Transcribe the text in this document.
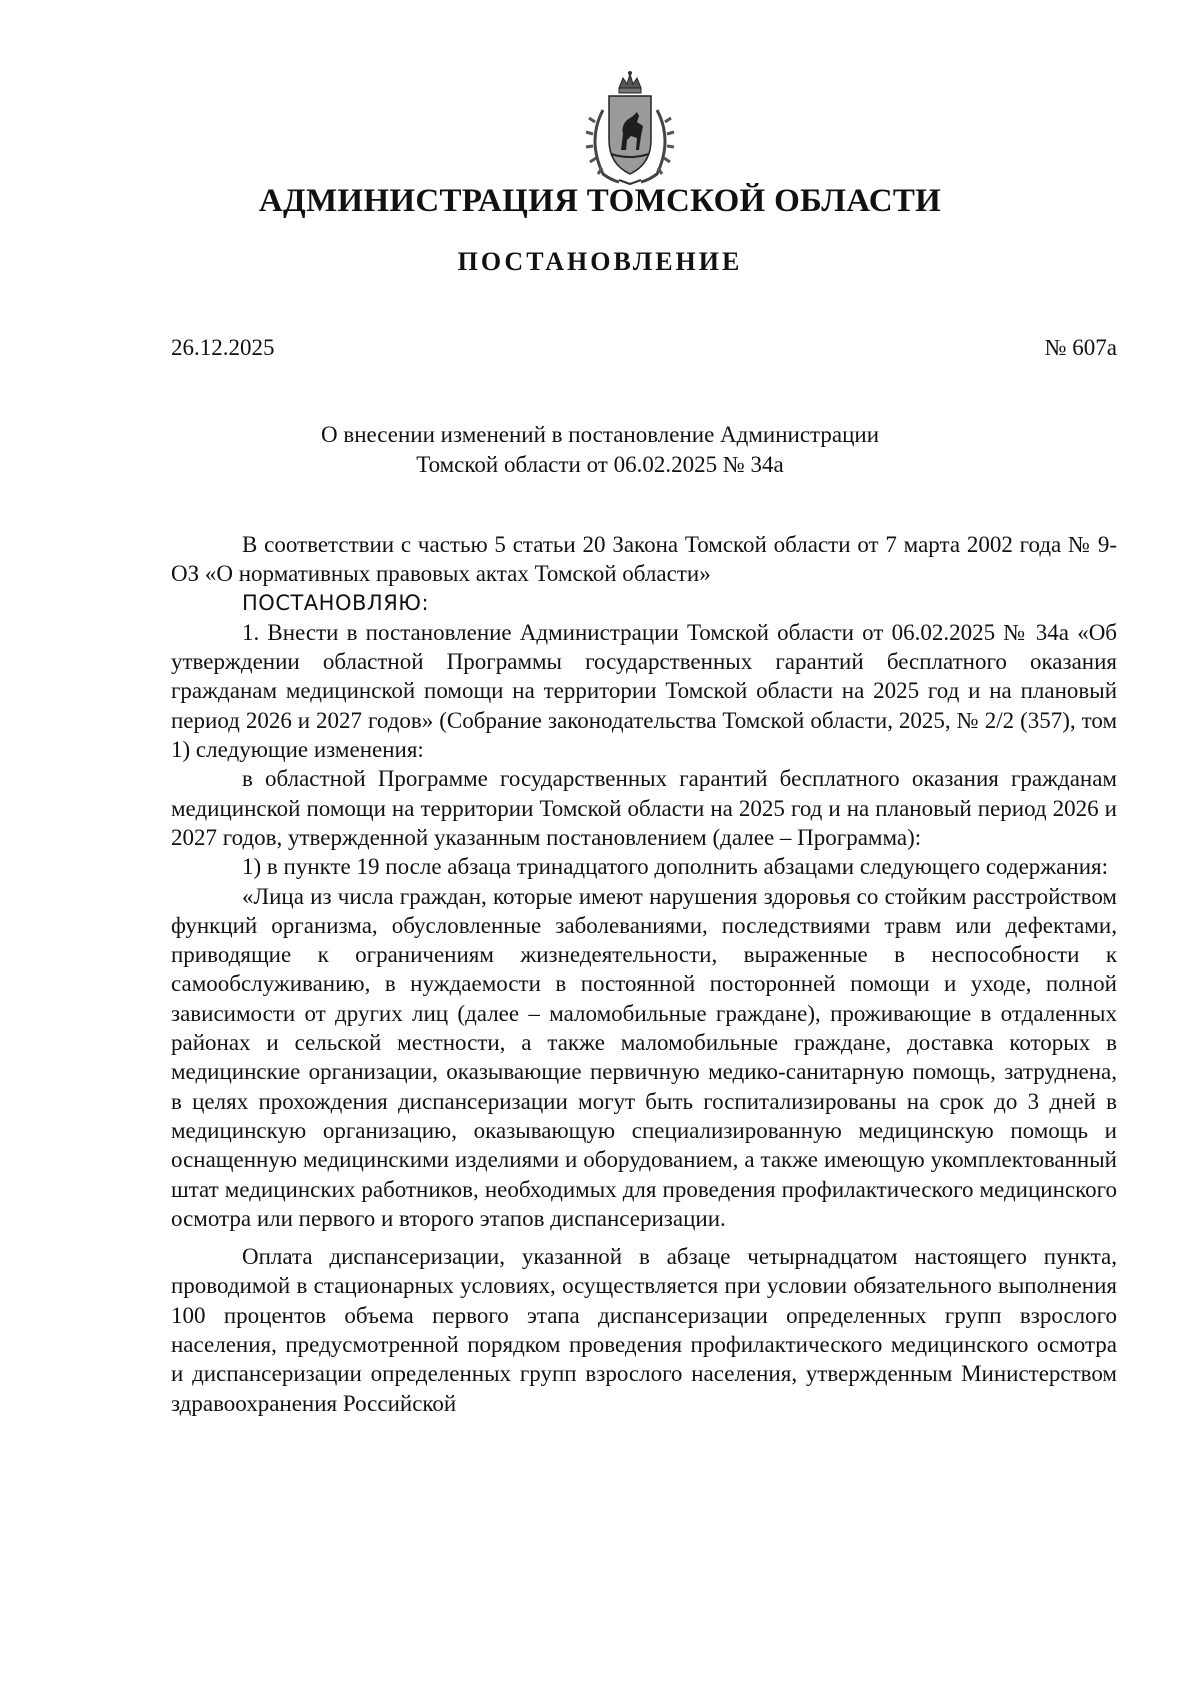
АДМИНИСТРАЦИЯ ТОМСКОЙ ОБЛАСТИ
ПОСТАНОВЛЕНИЕ
26.12.2025	№ 607а
О внесении изменений в постановление Администрации
Томской области от 06.02.2025 № 34а

В соответствии с частью 5 статьи 20 Закона Томской области от 7 марта 2002 года № 9-ОЗ «О нормативных правовых актах Томской области»

ПОСТАНОВЛЯЮ:

1. Внести в постановление Администрации Томской области от 06.02.2025 № 34а «Об утверждении областной Программы государственных гарантий бесплатного оказания гражданам медицинской помощи на территории Томской области на 2025 год и на плановый период 2026 и 2027 годов» (Собрание законодательства Томской области, 2025, № 2/2 (357), том 1) следующие изменения:

в областной Программе государственных гарантий бесплатного оказания гражданам медицинской помощи на территории Томской области на 2025 год и на плановый период 2026 и 2027 годов, утвержденной указанным постановлением (далее – Программа):

1) в пункте 19 после абзаца тринадцатого дополнить абзацами следующего содержания:

«Лица из числа граждан, которые имеют нарушения здоровья со стойким расстройством функций организма, обусловленные заболеваниями, последствиями травм или дефектами, приводящие к ограничениям жизнедеятельности, выраженные в неспособности к самообслуживанию, в нуждаемости в постоянной посторонней помощи и уходе, полной зависимости от других лиц (далее – маломобильные граждане), проживающие в отдаленных районах и сельской местности, а также маломобильные граждане, доставка которых в медицинские организации, оказывающие первичную медико-санитарную помощь, затруднена, в целях прохождения диспансеризации могут быть госпитализированы на срок до 3 дней в медицинскую организацию, оказывающую специализированную медицинскую помощь и оснащенную медицинскими изделиями и оборудованием, а также имеющую укомплектованный штат медицинских работников, необходимых для проведения профилактического медицинского осмотра или первого и второго этапов диспансеризации.

Оплата диспансеризации, указанной в абзаце четырнадцатом настоящего пункта, проводимой в стационарных условиях, осуществляется при условии обязательного выполнения 100 процентов объема первого этапа диспансеризации определенных групп взрослого населения, предусмотренной порядком проведения профилактического медицинского осмотра и диспансеризации определенных групп взрослого населения, утвержденным Министерством здравоохранения Российской
